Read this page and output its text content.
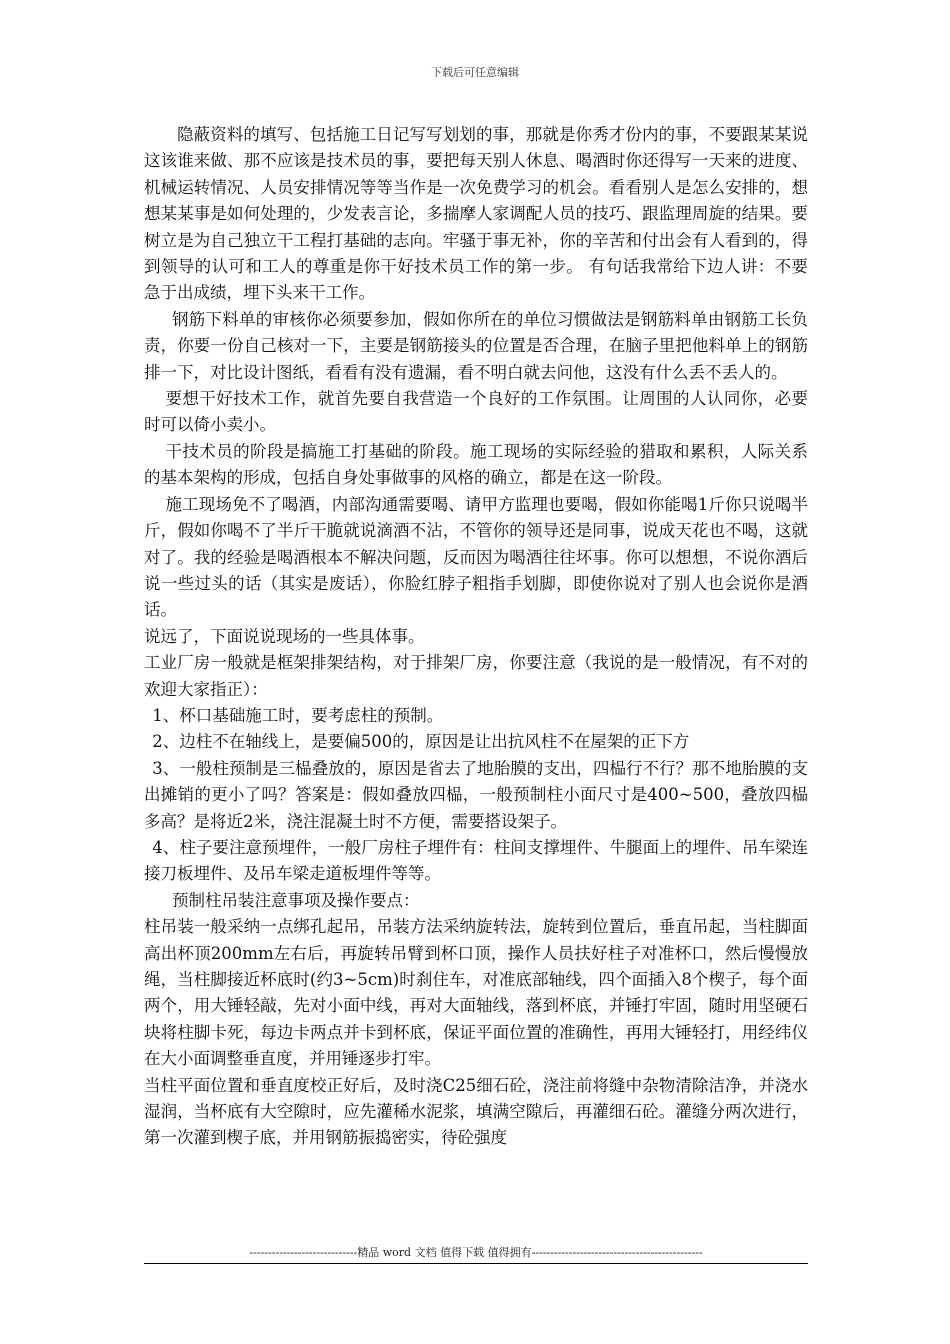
下载后可任意编辑

隐蔽资料的填写、包括施工日记写写划划的事，那就是你秀才份内的事，不要跟某某说这该谁来做、那不应该是技术员的事，要把每天别人休息、喝酒时你还得写一天来的进度、机械运转情况、人员安排情况等等当作是一次免费学习的机会。看看别人是怎么安排的，想想某某事是如何处理的，少发表言论，多揣摩人家调配人员的技巧、跟监理周旋的结果。要树立是为自己独立干工程打基础的志向。牢骚于事无补，你的辛苦和付出会有人看到的，得到领导的认可和工人的尊重是你干好技术员工作的第一步。 有句话我常给下边人讲：不要急于出成绩，埋下头来干工作。

钢筋下料单的审核你必须要参加，假如你所在的单位习惯做法是钢筋料单由钢筋工长负责，你要一份自己核对一下，主要是钢筋接头的位置是否合理，在脑子里把他料单上的钢筋排一下，对比设计图纸，看看有没有遗漏，看不明白就去问他，这没有什么丢不丢人的。

要想干好技术工作，就首先要自我营造一个良好的工作氛围。让周围的人认同你，必要时可以倚小卖小。

干技术员的阶段是搞施工打基础的阶段。施工现场的实际经验的猎取和累积，人际关系的基本架构的形成，包括自身处事做事的风格的确立，都是在这一阶段。

施工现场免不了喝酒，内部沟通需要喝、请甲方监理也要喝，假如你能喝1斤你只说喝半斤，假如你喝不了半斤干脆就说滴酒不沾，不管你的领导还是同事，说成天花也不喝，这就对了。我的经验是喝酒根本不解决问题，反而因为喝酒往往坏事。你可以想想，不说你酒后说一些过头的话（其实是废话），你脸红脖子粗指手划脚，即使你说对了别人也会说你是酒话。

说远了，下面说说现场的一些具体事。

工业厂房一般就是框架排架结构，对于排架厂房，你要注意（我说的是一般情况，有不对的欢迎大家指正）：

1、杯口基础施工时，要考虑柱的预制。

2、边柱不在轴线上，是要偏500的，原因是让出抗风柱不在屋架的正下方

3、一般柱预制是三榀叠放的，原因是省去了地胎膜的支出，四榀行不行？那不地胎膜的支出摊销的更小了吗？答案是：假如叠放四榀，一般预制柱小面尺寸是400~500，叠放四榀多高？是将近2米，浇注混凝土时不方便，需要搭设架子。

4、柱子要注意预埋件，一般厂房柱子埋件有：柱间支撑埋件、牛腿面上的埋件、吊车梁连接刀板埋件、及吊车梁走道板埋件等等。

预制柱吊装注意事项及操作要点：

柱吊装一般采纳一点绑孔起吊，吊装方法采纳旋转法，旋转到位置后，垂直吊起，当柱脚面高出杯顶200mm左右后，再旋转吊臂到杯口顶，操作人员扶好柱子对准杯口，然后慢慢放绳，当柱脚接近杯底时(约3~5cm)时刹住车，对准底部轴线，四个面插入8个楔子，每个面两个，用大锤轻敲，先对小面中线，再对大面轴线，落到杯底，并锤打牢固，随时用坚硬石块将柱脚卡死，每边卡两点并卡到杯底，保证平面位置的准确性，再用大锤轻打，用经纬仪在大小面调整垂直度，并用锤逐步打牢。

当柱平面位置和垂直度校正好后，及时浇C25细石砼，浇注前将缝中杂物清除洁净，并浇水湿润，当杯底有大空隙时，应先灌稀水泥浆，填满空隙后，再灌细石砼。灌缝分两次进行，第一次灌到楔子底，并用钢筋振捣密实，待砼强度

-----------------------------精品 word 文档 值得下载 值得拥有----------------------------------------------
